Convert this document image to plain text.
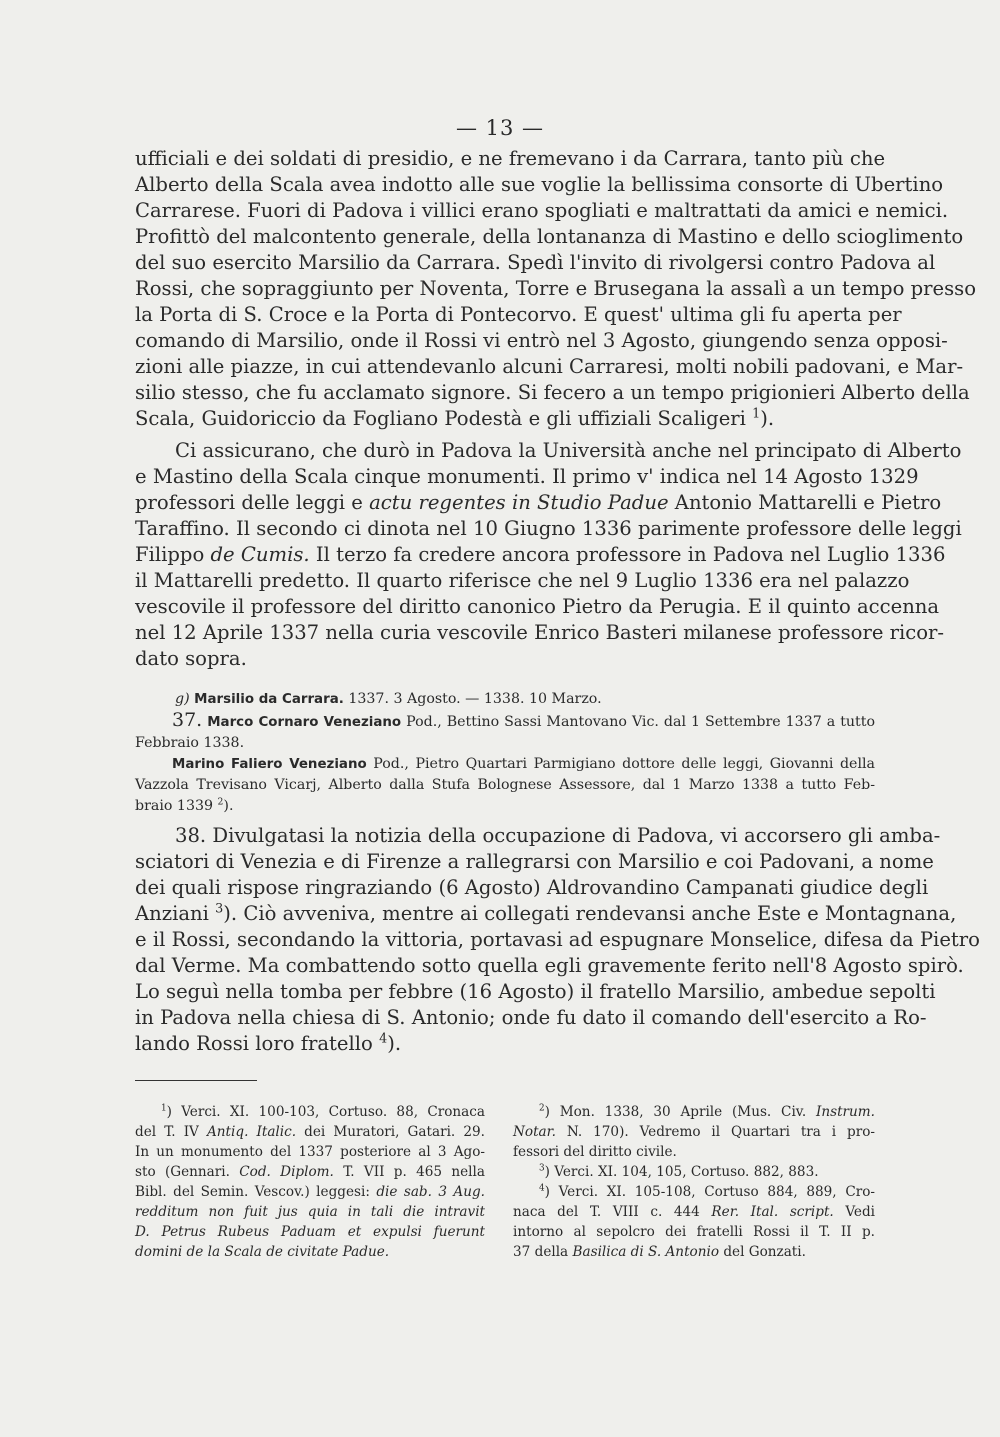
— 13 —
ufficiali e dei soldati di presidio, e ne fremevano i da Carrara, tanto più che
Alberto della Scala avea indotto alle sue voglie la bellissima consorte di Ubertino
Carrarese. Fuori di Padova i villici erano spogliati e maltrattati da amici e nemici.
Profittò del malcontento generale, della lontananza di Mastino e dello scioglimento
del suo esercito Marsilio da Carrara. Spedì l'invito di rivolgersi contro Padova al
Rossi, che sopraggiunto per Noventa, Torre e Brusegana la assalì a un tempo presso
la Porta di S. Croce e la Porta di Pontecorvo. E quest' ultima gli fu aperta per
comando di Marsilio, onde il Rossi vi entrò nel 3 Agosto, giungendo senza opposi-
zioni alle piazze, in cui attendevanlo alcuni Carraresi, molti nobili padovani, e Mar-
silio stesso, che fu acclamato signore. Si fecero a un tempo prigionieri Alberto della
Scala, Guidoriccio da Fogliano Podestà e gli uffiziali Scaligeri $^1$).
Ci assicurano, che durò in Padova la Università anche nel principato di Alberto
e Mastino della Scala cinque monumenti. Il primo v' indica nel 14 Agosto 1329
professori delle leggi e actu regentes in Studio Padue Antonio Mattarelli e Pietro
Taraffino. Il secondo ci dinota nel 10 Giugno 1336 parimente professore delle leggi
Filippo de Cumis. Il terzo fa credere ancora professore in Padova nel Luglio 1336
il Mattarelli predetto. Il quarto riferisce che nel 9 Luglio 1336 era nel palazzo
vescovile il professore del diritto canonico Pietro da Perugia. E il quinto accenna
nel 12 Aprile 1337 nella curia vescovile Enrico Basteri milanese professore ricor-
dato sopra.
g) Marsilio da Carrara. 1337. 3 Agosto. — 1338. 10 Marzo.
37. Marco Cornaro Veneziano Pod., Bettino Sassi Mantovano Vic. dal 1 Settembre 1337 a tutto
Febbraio 1338.
Marino Faliero Veneziano Pod., Pietro Quartari Parmigiano dottore delle leggi, Giovanni della
Vazzola Trevisano Vicarj, Alberto dalla Stufa Bolognese Assessore, dal 1 Marzo 1338 a tutto Feb-
braio 1339 $^2$).
38. Divulgatasi la notizia della occupazione di Padova, vi accorsero gli amba-
sciatori di Venezia e di Firenze a rallegrarsi con Marsilio e coi Padovani, a nome
dei quali rispose ringraziando (6 Agosto) Aldrovandino Campanati giudice degli
Anziani $^3$). Ciò avveniva, mentre ai collegati rendevansi anche Este e Montagnana,
e il Rossi, secondando la vittoria, portavasi ad espugnare Monselice, difesa da Pietro
dal Verme. Ma combattendo sotto quella egli gravemente ferito nell'8 Agosto spirò.
Lo seguì nella tomba per febbre (16 Agosto) il fratello Marsilio, ambedue sepolti
in Padova nella chiesa di S. Antonio; onde fu dato il comando dell'esercito a Ro-
lando Rossi loro fratello $^4$).
$^1$) Verci. XI. 100-103, Cortuso. 88, Cronaca
del T. IV Antiq. Italic. dei Muratori, Gatari. 29.
In un monumento del 1337 posteriore al 3 Ago-
sto (Gennari. Cod. Diplom. T. VII p. 465 nella
Bibl. del Semin. Vescov.) leggesi: die sab. 3 Aug.
redditum non fuit jus quia in tali die intravit
D. Petrus Rubeus Paduam et expulsi fuerunt
domini de la Scala de civitate Padue.
$^2$) Mon. 1338, 30 Aprile (Mus. Civ. Instrum.
Notar. N. 170). Vedremo il Quartari tra i pro-
fessori del diritto civile.
$^3$) Verci. XI. 104, 105, Cortuso. 882, 883.
$^4$) Verci. XI. 105-108, Cortuso 884, 889, Cro-
naca del T. VIII c. 444 Rer. Ital. script. Vedi
intorno al sepolcro dei fratelli Rossi il T. II p.
37 della Basilica di S. Antonio del Gonzati.
